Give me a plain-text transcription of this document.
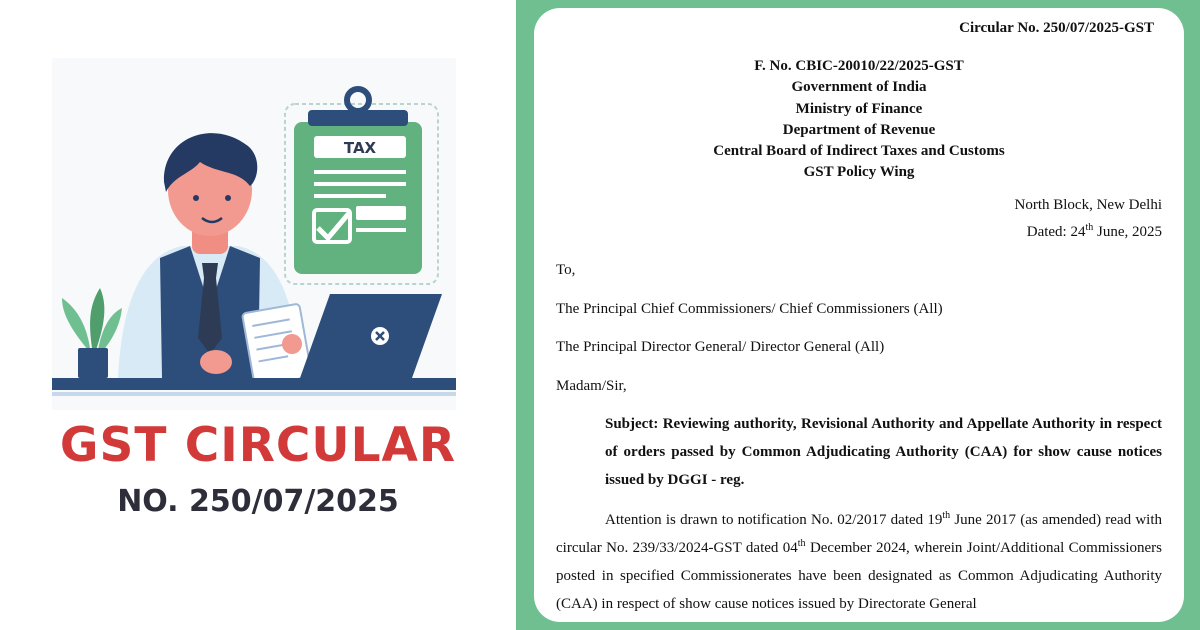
TAX
GST CIRCULAR
NO. 250/07/2025
Circular No. 250/07/2025-GST
F. No. CBIC-20010/22/2025-GST
Government of India
Ministry of Finance
Department of Revenue
Central Board of Indirect Taxes and Customs
GST Policy Wing
North Block, New Delhi
Dated: 24th June, 2025
To,
The Principal Chief Commissioners/ Chief Commissioners (All)
The Principal Director General/ Director General (All)
Madam/Sir,
Subject: Reviewing authority, Revisional Authority and Appellate Authority in respect of orders passed by Common Adjudicating Authority (CAA) for show cause notices issued by DGGI - reg.
Attention is drawn to notification No. 02/2017 dated 19th June 2017 (as amended) read with circular No. 239/33/2024-GST dated 04th December 2024, wherein Joint/Additional Commissioners posted in specified Commissionerates have been designated as Common Adjudicating Authority (CAA) in respect of show cause notices issued by Directorate General
